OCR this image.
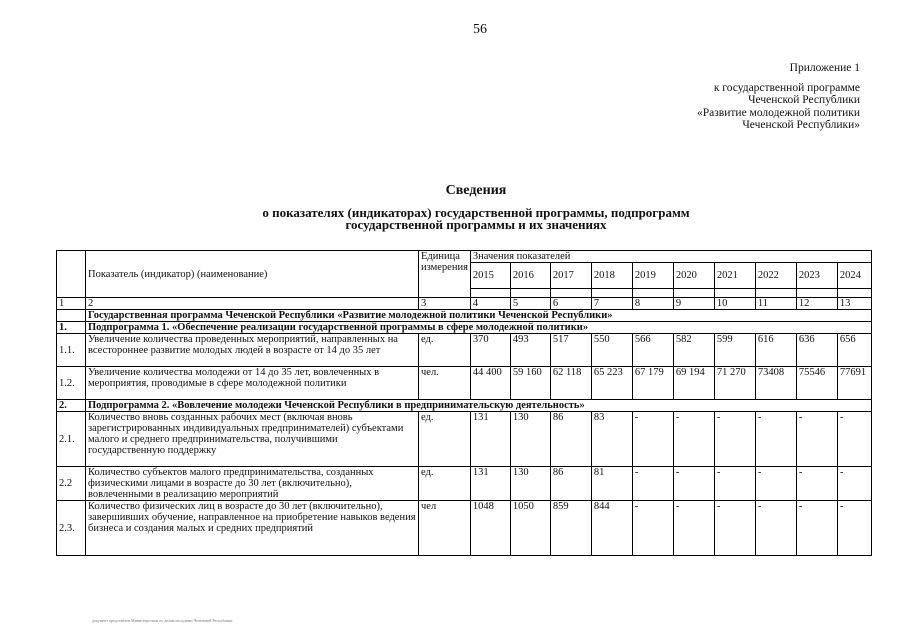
56
Приложение 1
к государственной программе
Чеченской Республики
«Развитие молодежной политики
Чеченской Республики»
Сведения
о показателях (индикаторах) государственной программы, подпрограмм
государственной программы и их значениях
	Показатель (индикатор) (наименование)	Единица измерения	Значения показателей									
			2015	2016	2017	2018	2019	2020	2021	2022	2023	2024

1	2	3	4	5	6	7	8	9	10	11	12	13
	Государственная программа Чеченской Республики «Развитие молодежной политики Чеченской Республики»											
1.	Подпрограмма 1. «Обеспечение реализации государственной программы в сфере молодежной политики»											
1.1.	Увеличение количества проведенных мероприятий, направленных на всестороннее развитие молодых людей в возрасте от 14 до 35 лет	ед.	370	493	517	550	566	582	599	616	636	656
1.2.	Увеличение количества молодежи от 14 до 35 лет, вовлеченных в мероприятия, проводимые в сфере молодежной политики	чел.	44 400	59 160	62 118	65 223	67 179	69 194	71 270	73408	75546	77691
2.	Подпрограмма 2. «Вовлечение молодежи Чеченской Республики в предпринимательскую деятельность»											
2.1.	Количество вновь созданных рабочих мест (включая вновь зарегистрированных индивидуальных предпринимателей) субъектами малого и среднего предпринимательства, получившими государственную поддержку	ед.	131	130	86	83	-	-	-	-	-	-
2.2	Количество субъектов малого предпринимательства, созданных физическими лицами в возрасте до 30 лет (включительно), вовлеченными в реализацию мероприятий	ед.	131	130	86	81	-	-	-	-	-	-
2.3.	Количество физических лиц в возрасте до 30 лет (включительно), завершивших обучение, направленное на приобретение навыков ведения бизнеса и создания малых и средних предприятий	чел	1048	1050	859	844	-	-	-	-	-	-
документ представлен Министерством по делам молодежи Чеченской Республики
